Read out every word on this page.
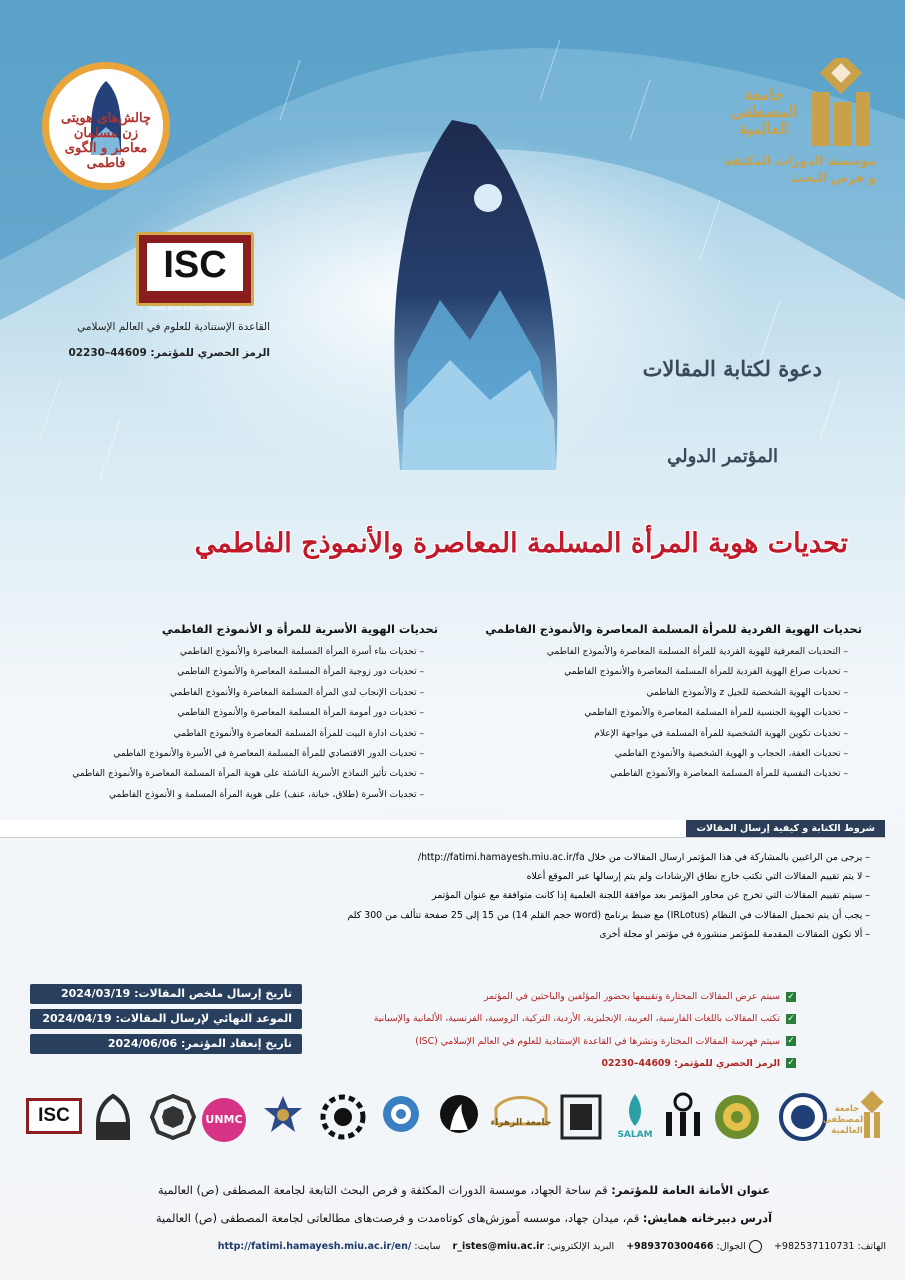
چالش‌های هویتی زن مسلمان معاصر و الگوی فاطمی
ISC
Islamic World Science Citation Center
القاعدة الإستنادية للعلوم في العالم الإسلامي
الرمز الحصري للمؤتمر: 44609–02230
جامعة المصطفى العالمية
موسسة الدورات المكثفة
و فرص البحث
دعوة لكتابة المقالات
المؤتمر الدولي
تحديات هوية المرأة المسلمة المعاصرة والأنموذج الفاطمي
تحديات الهوية الفردية للمرأة المسلمة المعاصرة والأنموذج الفاطمي
– التحديات المعرفية للهوية الفردية للمرأة المسلمة المعاصرة والأنموذج الفاطمي
– تحديات صراع الهوية الفردية للمرأة المسلمة المعاصرة والأنموذج الفاطمي
– تحديات الهوية الشخصية للجيل z والأنموذج الفاطمي
– تحديات الهوية الجنسية للمرأة المسلمة المعاصرة والأنموذج الفاطمي
– تحديات تكوين الهوية الشخصية للمرأة المسلمة في مواجهة الإعلام
– تحديات العفة، الحجاب و الهوية الشخصية والأنموذج الفاطمي
– تحديات النفسية للمرأة المسلمة المعاصرة والأنموذج الفاطمي
تحديات الهوية الأسرية للمرأة و الأنموذج الفاطمي
– تحديات بناء أسرة المرأة المسلمة المعاصرة والأنموذج الفاطمي
– تحديات دور زوجية المرأة المسلمة المعاصرة والأنموذج الفاطمي
– تحديات الإنجاب لدى المرأة المسلمة المعاصرة والأنموذج الفاطمي
– تحديات دور أمومة المرأة المسلمة المعاصرة والأنموذج الفاطمي
– تحديات ادارة البيت للمرأة المسلمة المعاصرة والأنموذج الفاطمي
– تحديات الدور الاقتصادي للمرأة المسلمة المعاصرة في الأسرة والأنموذج الفاطمي
– تحديات تأثير النماذج الأسرية الناشئة على هوية المرأة المسلمة المعاصرة والأنموذج الفاطمي
– تحديات الأسرة (طلاق، خيانة، عنف) على هوية المرأة المسلمة و الأنموذج الفاطمي
شروط الكتابة و كيفية إرسال المقالات
– يرجى من الراغبين بالمشاركة في هذا المؤتمر ارسال المقالات من خلال http://fatimi.hamayesh.miu.ac.ir/fa/
– لا يتم تقييم المقالات التي تكتب خارج نطاق الإرشادات ولم يتم إرسالها عبر الموقع أعلاه
– سيتم تقييم المقالات التي تخرج عن محاور المؤتمر بعد موافقة اللجنة العلمية إذا كانت متوافقة مع عنوان المؤتمر
– يجب أن يتم تحميل المقالات في النظام (IRLotus) مع ضبط برنامج (word حجم القلم 14) من 15 إلى 25 صفحة تتألف من 300 كلم
– ألا تكون المقالات المقدمة للمؤتمر منشورة في مؤتمر او مجلة أخرى
تاريخ إرسال ملخص المقالات: 2024/03/19
الموعد النهائي لإرسال المقالات: 2024/04/19
تاريخ إنعقاد المؤتمر: 2024/06/06
✓سيتم عرض المقالات المختارة وتقييمها بحضور المؤلفين والباحثين في المؤتمر
✓تكتب المقالات باللغات الفارسية، العربية، الإنجليزية، الأردية، التركية، الروسية، الفرنسية، الألمانية والإسبانية
✓سيتم فهرسة المقالات المختارة ونشرها في القاعدة الإستنادية للعلوم في العالم الإسلامي (ISC)
✓الرمز الحصري للمؤتمر: 44609–02230
ISC	UNMC	جامعة الزهراء
SALAM
جامعة المصطفى العالمية
عنوان الأمانة العامة للمؤتمر: قم ساحة الجهاد، موسسة الدورات المكثفة و فرص البحث التابعة لجامعة المصطفى (ص) العالمية
آدرس دبیرخانه همایش: قم، میدان جهاد، موسسه آموزش‌های کوتاه‌مدت و فرصت‌های مطالعاتی لجامعة المصطفى (ص) العالمية
الهاتف: +982537110731     الجوال: +989370300466    البريد الإلكتروني: r_istes@miu.ac.ir    سايت: http://fatimi.hamayesh.miu.ac.ir/en/
